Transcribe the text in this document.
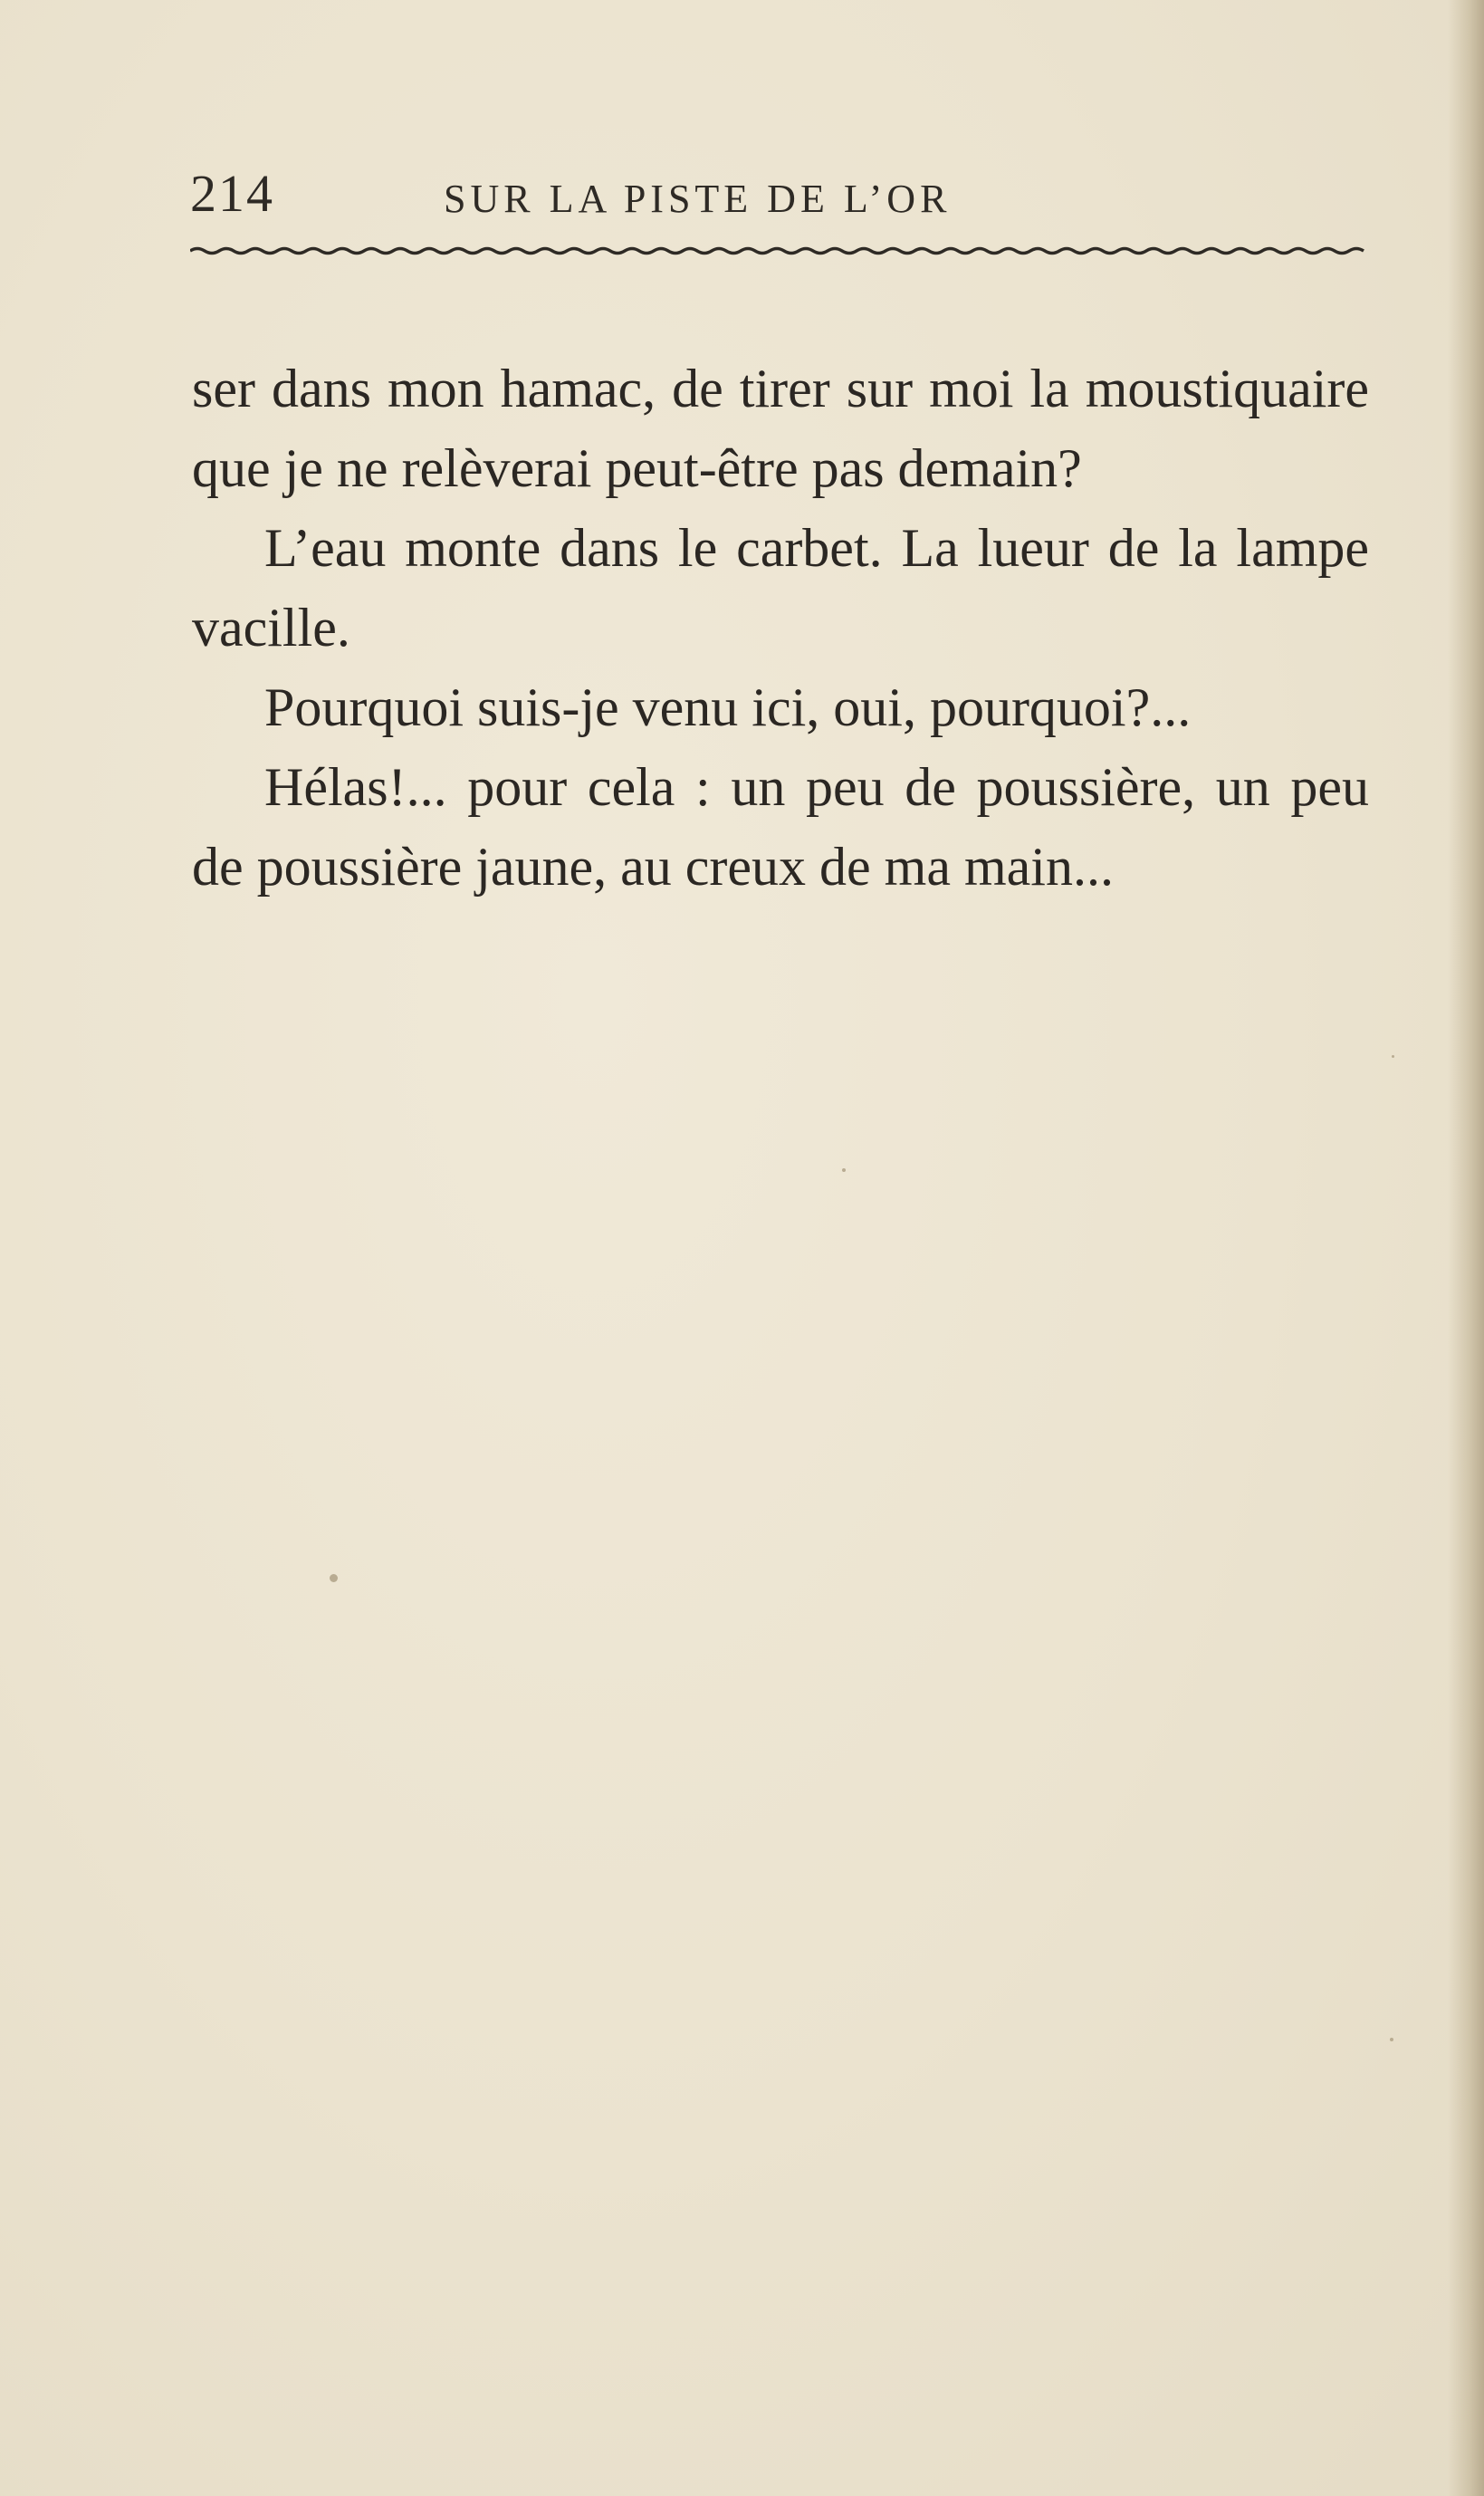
214	SUR LA PISTE DE L’OR

ser dans mon hamac, de tirer sur moi la moustiquaire que je ne relèverai peut-être pas demain?

L’eau monte dans le carbet. La lueur de la lampe vacille.

Pourquoi suis-je venu ici, oui, pourquoi?...

Hélas!... pour cela : un peu de poussière, un peu de poussière jaune, au creux de ma main...
